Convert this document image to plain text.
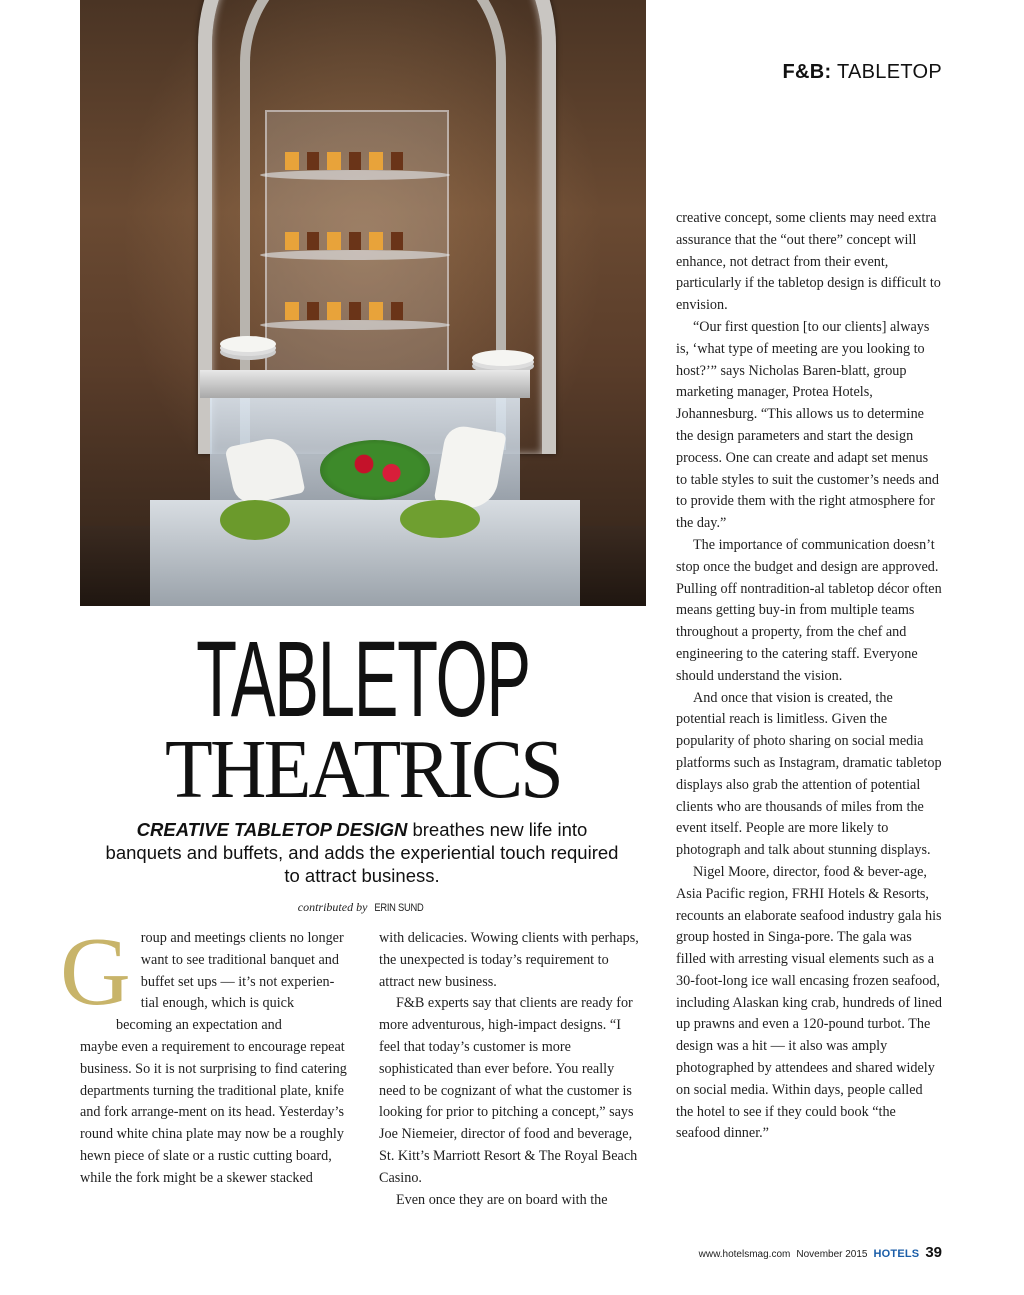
F&B: TABLETOP
TABLETOP
THEATRICS
CREATIVE TABLETOP DESIGN breathes new life into banquets and buffets, and adds the experiential touch required to attract business.
contributed by ERIN SUND
G roup and meetings clients no longer
want to see traditional banquet and
buffet set ups — it’s not experien-
tial enough, which is quick
becoming an expectation and

maybe even a requirement to encourage repeat business. So it is not surprising to find catering departments turning the traditional plate, knife and fork arrange-ment on its head. Yesterday’s round white china plate may now be a roughly hewn piece of slate or a rustic cutting board, while the fork might be a skewer stacked

with delicacies. Wowing clients with perhaps, the unexpected is today’s requirement to attract new business.

F&B experts say that clients are ready for more adventurous, high-impact designs. “I feel that today’s customer is more sophisticated than ever before. You really need to be cognizant of what the customer is looking for prior to pitching a concept,” says Joe Niemeier, director of food and beverage, St. Kitt’s Marriott Resort & The Royal Beach Casino.

Even once they are on board with the

creative concept, some clients may need extra assurance that the “out there” concept will enhance, not detract from their event, particularly if the tabletop design is difficult to envision.

“Our first question [to our clients] always is, ‘what type of meeting are you looking to host?’” says Nicholas Baren-blatt, group marketing manager, Protea Hotels, Johannesburg. “This allows us to determine the design parameters and start the design process. One can create and adapt set menus to table styles to suit the customer’s needs and to provide them with the right atmosphere for the day.”

The importance of communication doesn’t stop once the budget and design are approved. Pulling off nontradition-al tabletop décor often means getting buy-in from multiple teams throughout a property, from the chef and engineering to the catering staff. Everyone should understand the vision.

And once that vision is created, the potential reach is limitless. Given the popularity of photo sharing on social media platforms such as Instagram, dramatic tabletop displays also grab the attention of potential clients who are thousands of miles from the event itself. People are more likely to photograph and talk about stunning displays.

Nigel Moore, director, food & bever-age, Asia Pacific region, FRHI Hotels & Resorts, recounts an elaborate seafood industry gala his group hosted in Singa-pore. The gala was filled with arresting visual elements such as a 30-foot-long ice wall encasing frozen seafood, including Alaskan king crab, hundreds of lined up prawns and even a 120-pound turbot. The design was a hit — it also was amply photographed by attendees and shared widely on social media. Within days, people called the hotel to see if they could book “the seafood dinner.”

www.hotelsmag.com November 2015 HOTELS 39
